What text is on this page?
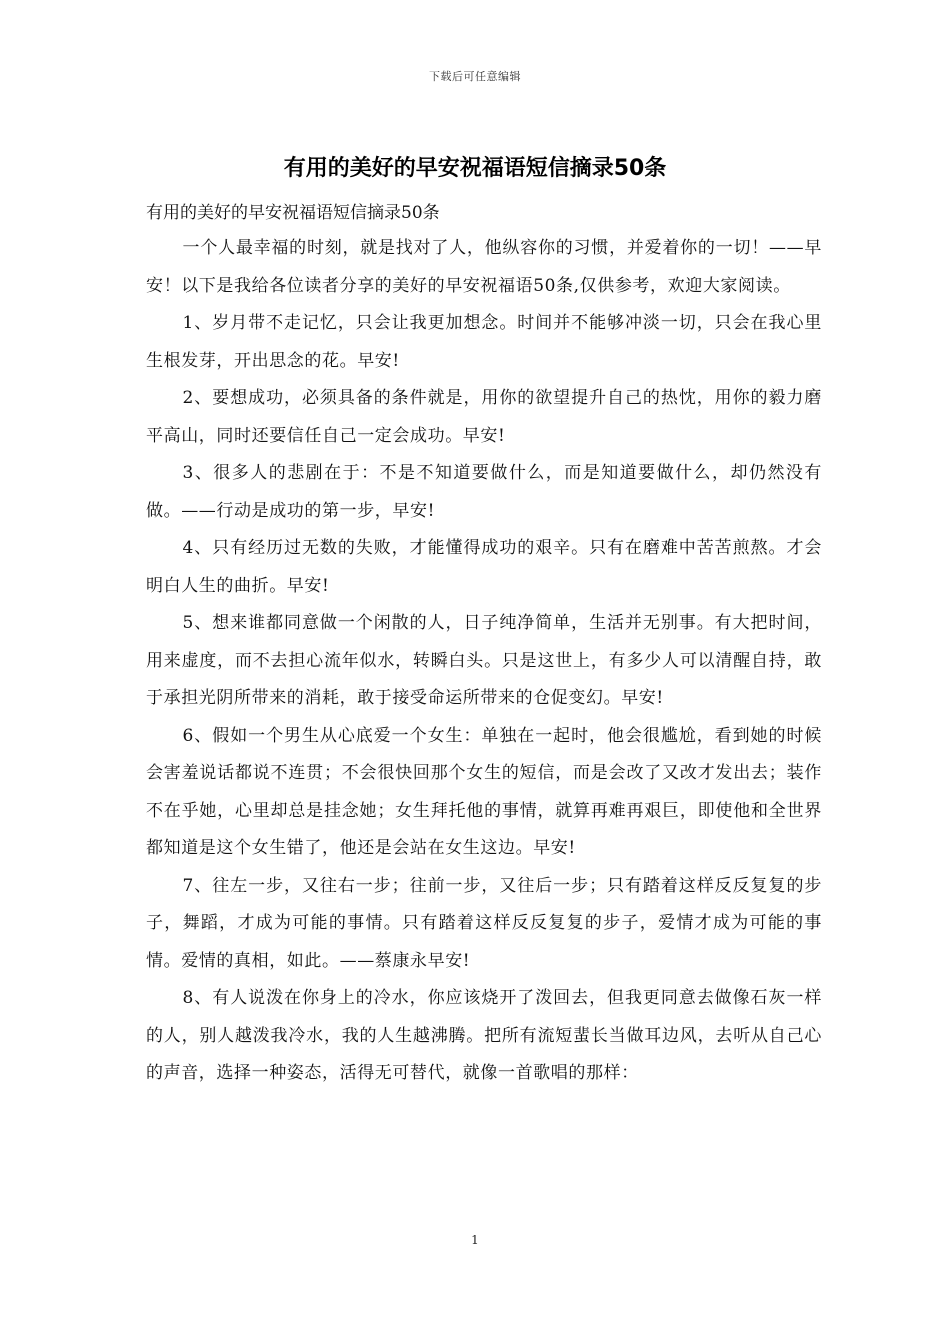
下载后可任意编辑
有用的美好的早安祝福语短信摘录50条

有用的美好的早安祝福语短信摘录50条

一个人最幸福的时刻，就是找对了人，他纵容你的习惯，并爱着你的一切！——早安！以下是我给各位读者分享的美好的早安祝福语50条,仅供参考，欢迎大家阅读。

1、岁月带不走记忆，只会让我更加想念。时间并不能够冲淡一切，只会在我心里生根发芽，开出思念的花。早安!

2、要想成功，必须具备的条件就是，用你的欲望提升自己的热忱，用你的毅力磨平高山，同时还要信任自己一定会成功。早安!

3、很多人的悲剧在于：不是不知道要做什么，而是知道要做什么，却仍然没有做。——行动是成功的第一步，早安!

4、只有经历过无数的失败，才能懂得成功的艰辛。只有在磨难中苦苦煎熬。才会明白人生的曲折。早安!

5、想来谁都同意做一个闲散的人，日子纯净简单，生活并无别事。有大把时间，用来虚度，而不去担心流年似水，转瞬白头。只是这世上，有多少人可以清醒自持，敢于承担光阴所带来的消耗，敢于接受命运所带来的仓促变幻。早安!

6、假如一个男生从心底爱一个女生：单独在一起时，他会很尴尬，看到她的时候会害羞说话都说不连贯；不会很快回那个女生的短信，而是会改了又改才发出去；装作不在乎她，心里却总是挂念她；女生拜托他的事情，就算再难再艰巨，即使他和全世界都知道是这个女生错了，他还是会站在女生这边。早安!

7、往左一步，又往右一步；往前一步，又往后一步；只有踏着这样反反复复的步子，舞蹈，才成为可能的事情。只有踏着这样反反复复的步子，爱情才成为可能的事情。爱情的真相，如此。——蔡康永早安!

8、有人说泼在你身上的冷水，你应该烧开了泼回去，但我更同意去做像石灰一样的人，别人越泼我冷水，我的人生越沸腾。把所有流短蜚长当做耳边风，去听从自己心的声音，选择一种姿态，活得无可替代，就像一首歌唱的那样：

1
